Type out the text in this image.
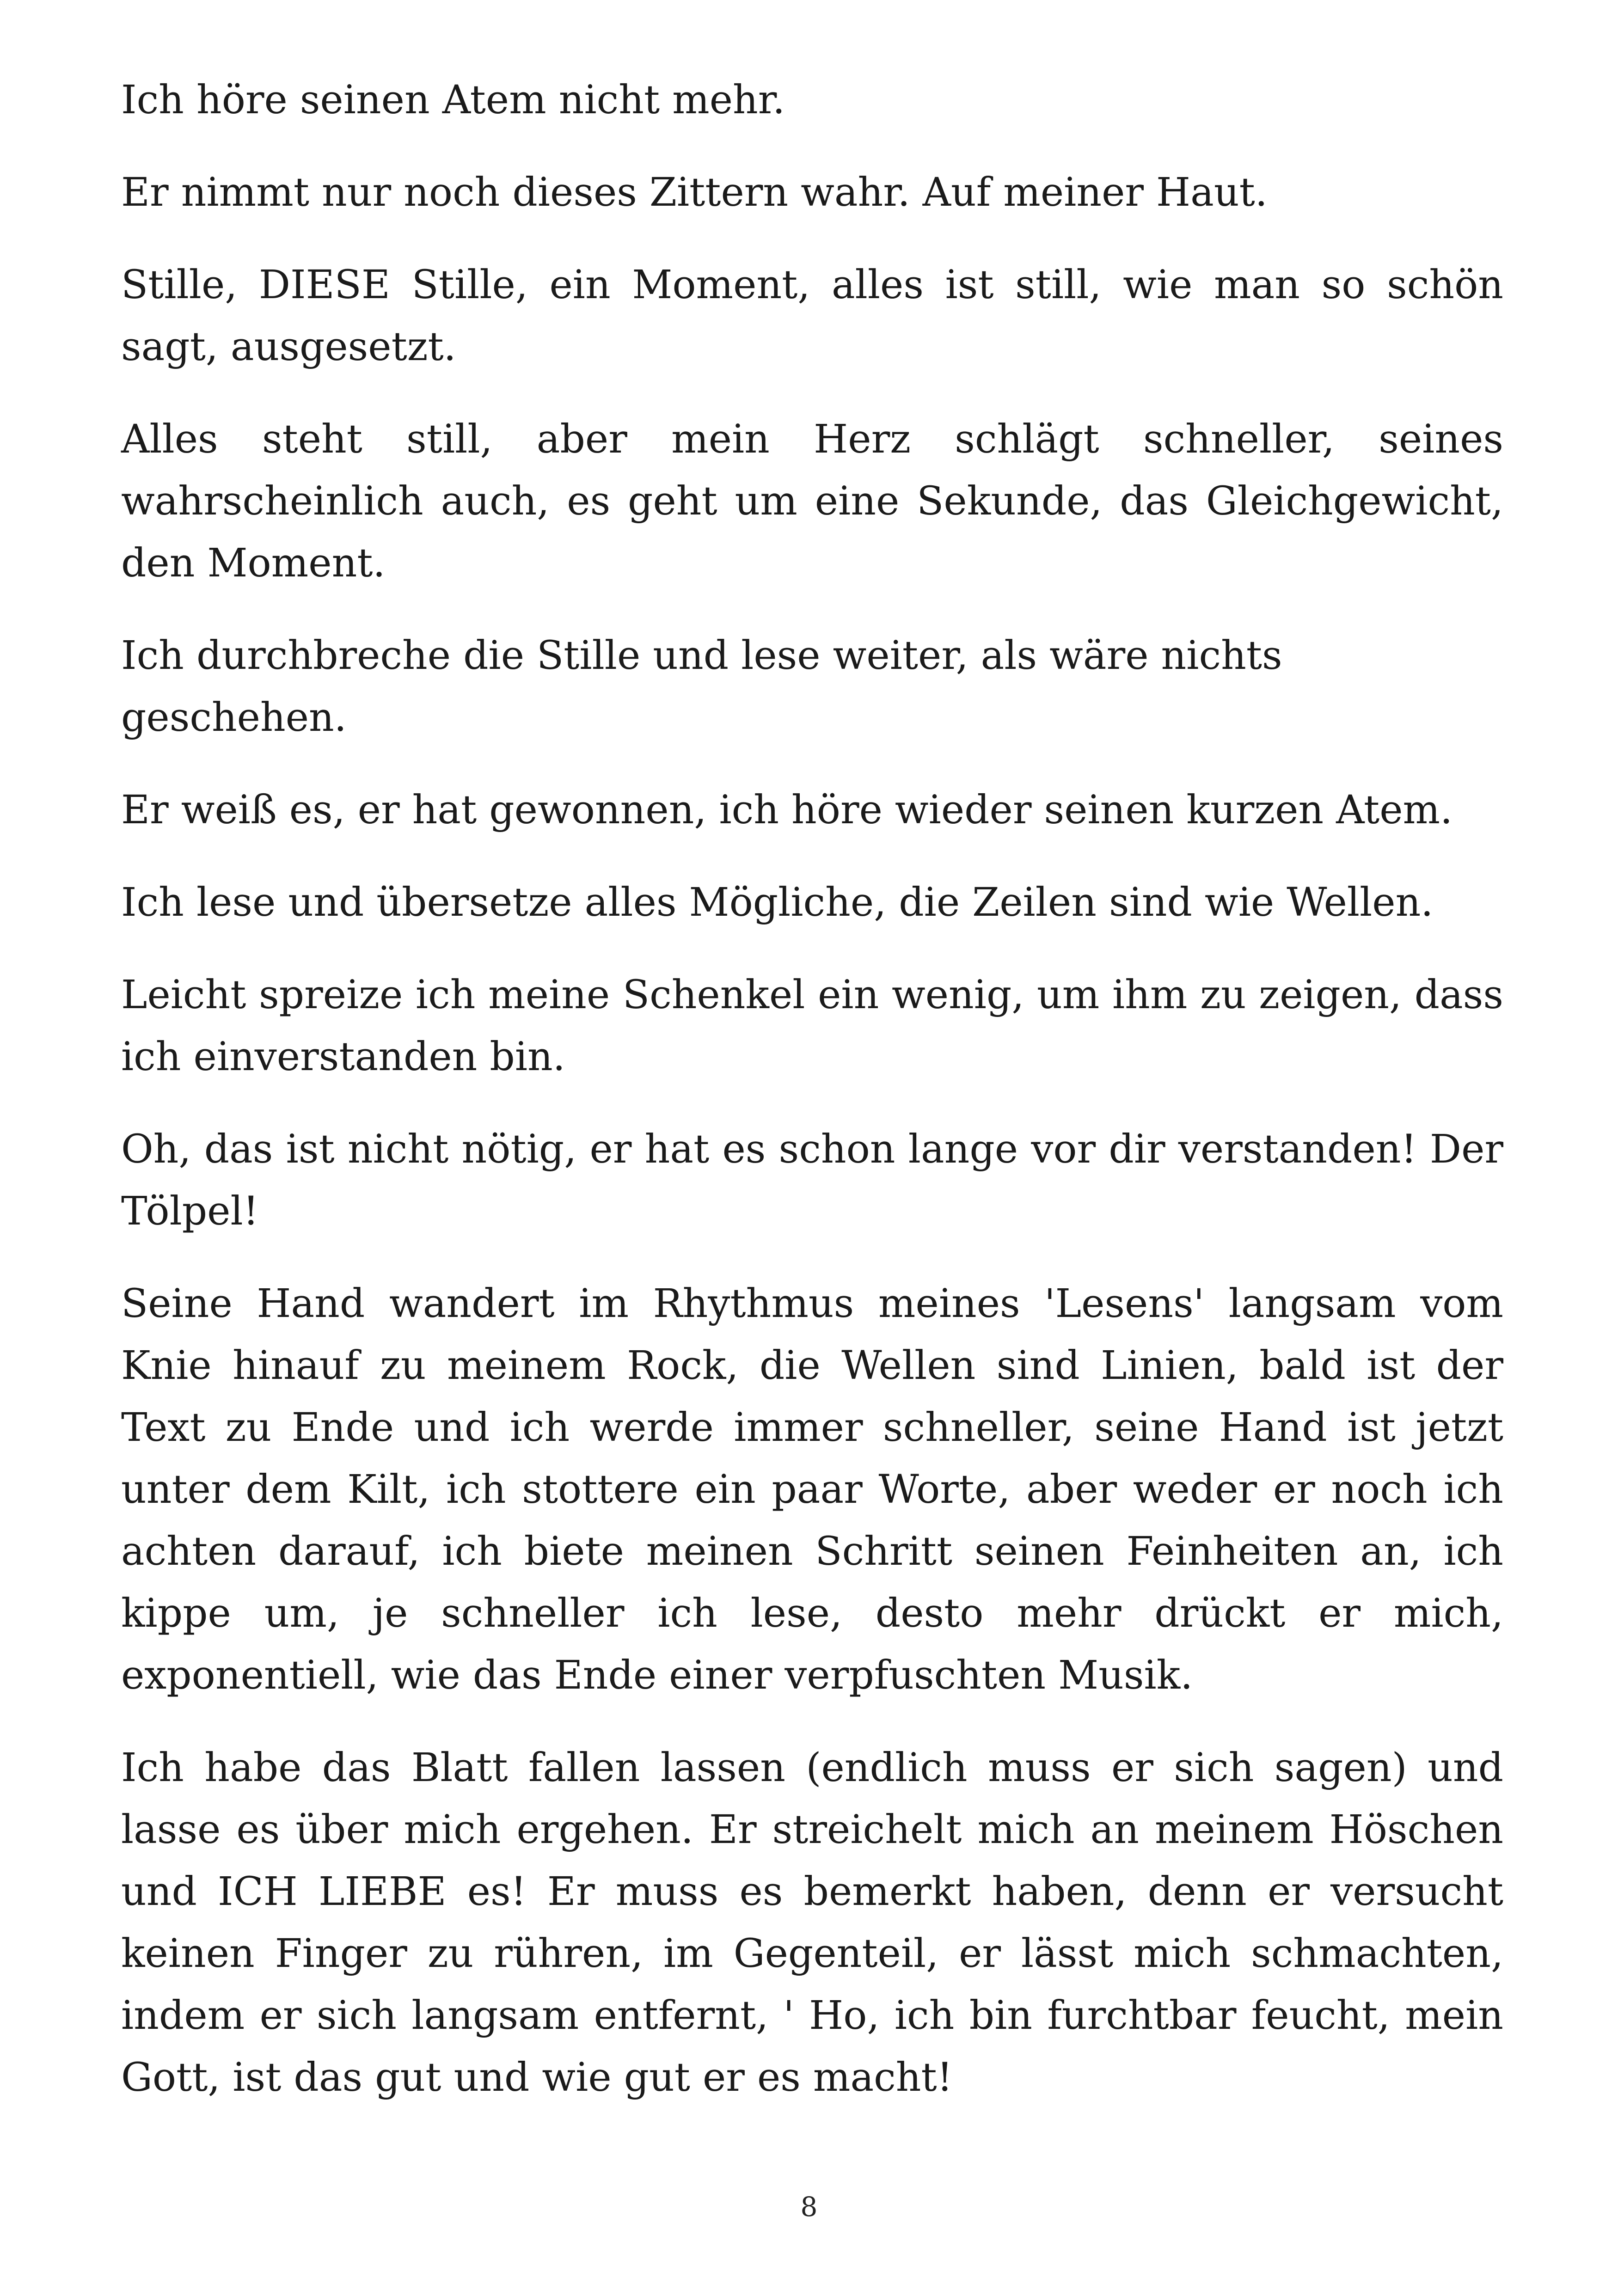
Ich höre seinen Atem nicht mehr.

Er nimmt nur noch dieses Zittern wahr. Auf meiner Haut.

Stille, DIESE Stille, ein Moment, alles ist still, wie man so schön sagt, ausgesetzt.

Alles steht still, aber mein Herz schlägt schneller, seines wahrscheinlich auch, es geht um eine Sekunde, das Gleichgewicht, den Moment.

Ich durchbreche die Stille und lese weiter, als wäre nichts geschehen.

Er weiß es, er hat gewonnen, ich höre wieder seinen kurzen Atem.

Ich lese und übersetze alles Mögliche, die Zeilen sind wie Wellen.

Leicht spreize ich meine Schenkel ein wenig, um ihm zu zeigen, dass ich einverstanden bin.

Oh, das ist nicht nötig, er hat es schon lange vor dir verstanden! Der Tölpel!

Seine Hand wandert im Rhythmus meines 'Lesens' langsam vom Knie hinauf zu meinem Rock, die Wellen sind Linien, bald ist der Text zu Ende und ich werde immer schneller, seine Hand ist jetzt unter dem Kilt, ich stottere ein paar Worte, aber weder er noch ich achten darauf, ich biete meinen Schritt seinen Feinheiten an, ich kippe um, je schneller ich lese, desto mehr drückt er mich, exponentiell, wie das Ende einer verpfuschten Musik.

Ich habe das Blatt fallen lassen (endlich muss er sich sagen) und lasse es über mich ergehen. Er streichelt mich an meinem Höschen und ICH LIEBE es! Er muss es bemerkt haben, denn er versucht keinen Finger zu rühren, im Gegenteil, er lässt mich schmachten, indem er sich langsam entfernt, ' Ho, ich bin furchtbar feucht, mein Gott, ist das gut und wie gut er es macht!

8
